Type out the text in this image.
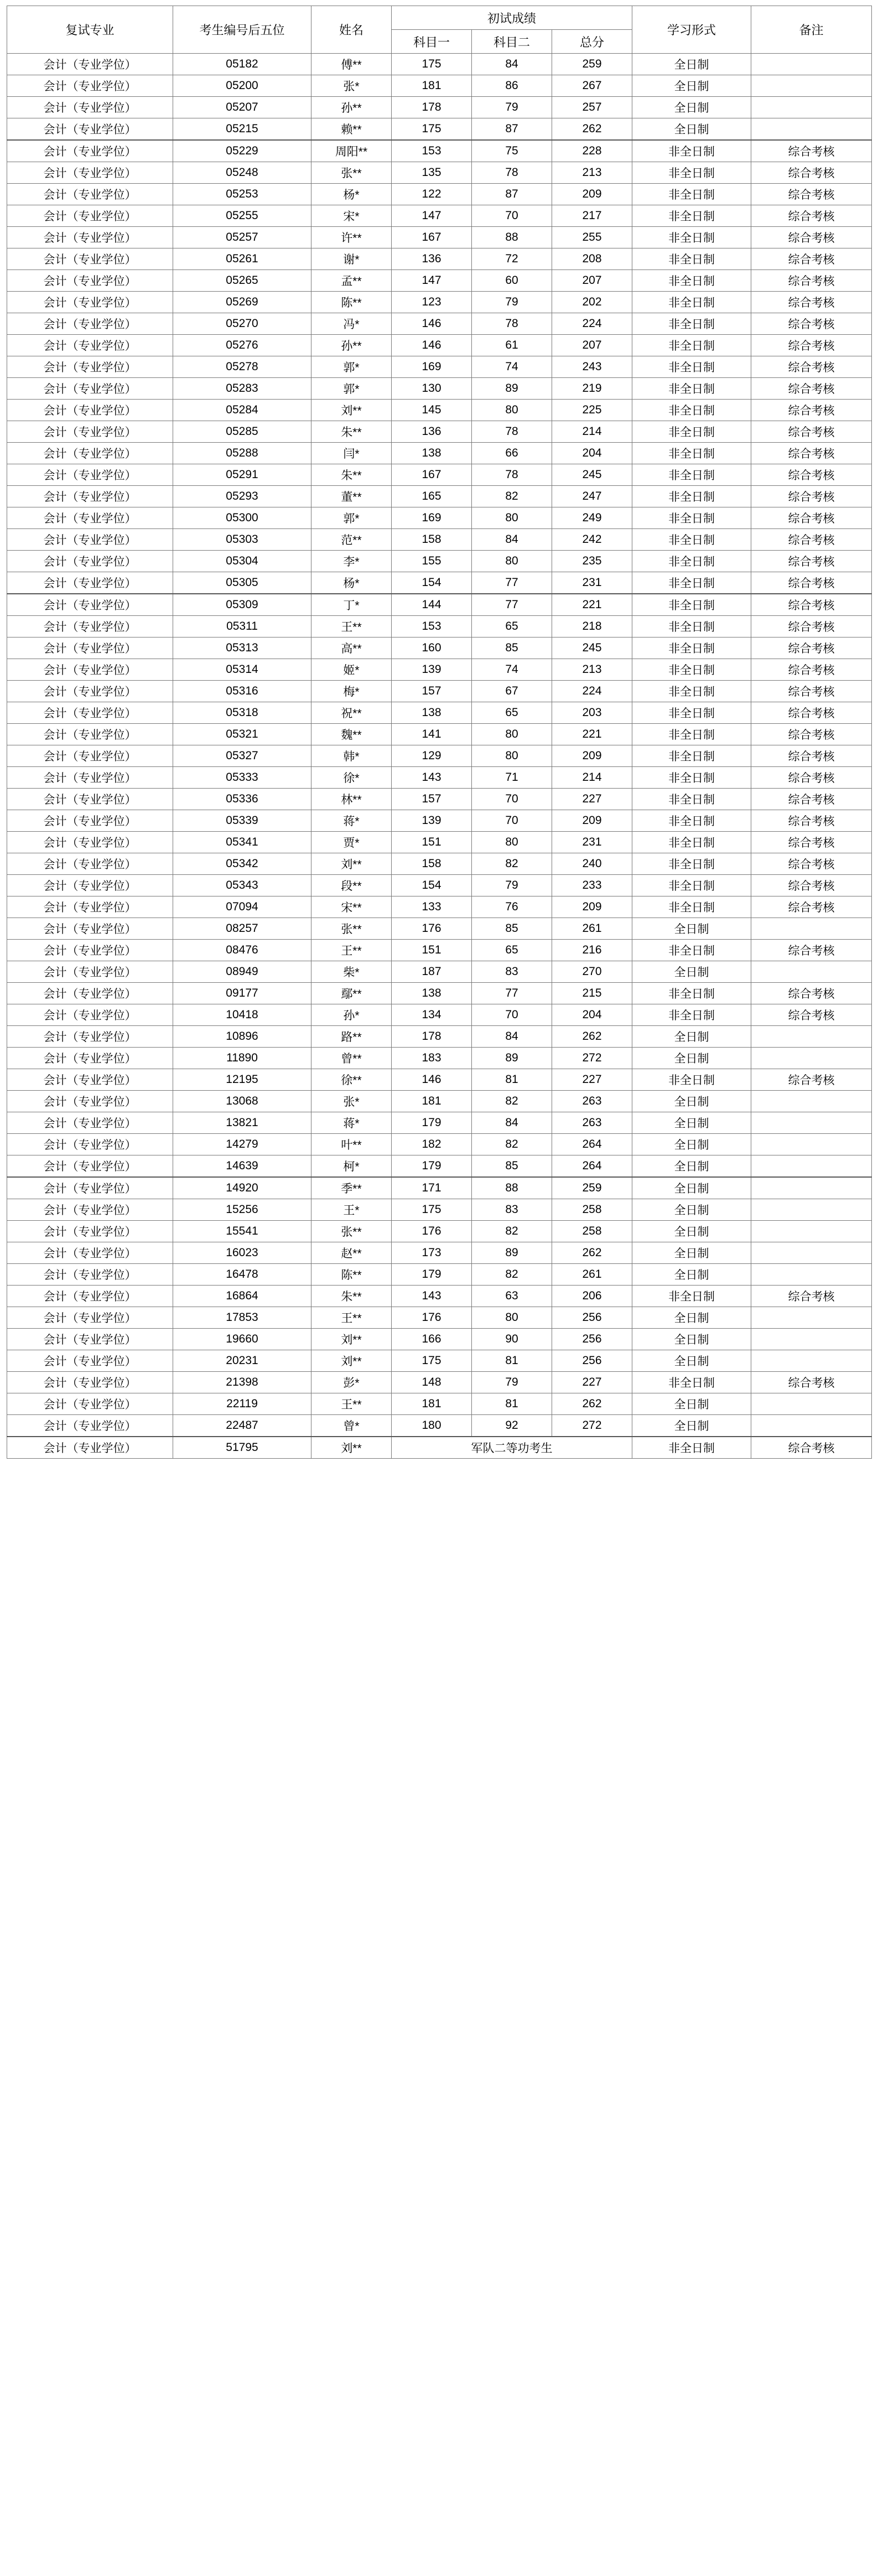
复试专业	考生编号后五位	姓名	初试成绩			学习形式	备注
			科目一	科目二	总分		
会计（专业学位）	05182	傅**	175	84	259	全日制	
会计（专业学位）	05200	张*	181	86	267	全日制	
会计（专业学位）	05207	孙**	178	79	257	全日制	
会计（专业学位）	05215	赖**	175	87	262	全日制	
会计（专业学位）	05229	周阳**	153	75	228	非全日制	综合考核
会计（专业学位）	05248	张**	135	78	213	非全日制	综合考核
会计（专业学位）	05253	杨*	122	87	209	非全日制	综合考核
会计（专业学位）	05255	宋*	147	70	217	非全日制	综合考核
会计（专业学位）	05257	许**	167	88	255	非全日制	综合考核
会计（专业学位）	05261	谢*	136	72	208	非全日制	综合考核
会计（专业学位）	05265	孟**	147	60	207	非全日制	综合考核
会计（专业学位）	05269	陈**	123	79	202	非全日制	综合考核
会计（专业学位）	05270	冯*	146	78	224	非全日制	综合考核
会计（专业学位）	05276	孙**	146	61	207	非全日制	综合考核
会计（专业学位）	05278	郭*	169	74	243	非全日制	综合考核
会计（专业学位）	05283	郭*	130	89	219	非全日制	综合考核
会计（专业学位）	05284	刘**	145	80	225	非全日制	综合考核
会计（专业学位）	05285	朱**	136	78	214	非全日制	综合考核
会计（专业学位）	05288	闫*	138	66	204	非全日制	综合考核
会计（专业学位）	05291	朱**	167	78	245	非全日制	综合考核
会计（专业学位）	05293	董**	165	82	247	非全日制	综合考核
会计（专业学位）	05300	郭*	169	80	249	非全日制	综合考核
会计（专业学位）	05303	范**	158	84	242	非全日制	综合考核
会计（专业学位）	05304	李*	155	80	235	非全日制	综合考核
会计（专业学位）	05305	杨*	154	77	231	非全日制	综合考核
会计（专业学位）	05309	丁*	144	77	221	非全日制	综合考核
会计（专业学位）	05311	王**	153	65	218	非全日制	综合考核
会计（专业学位）	05313	高**	160	85	245	非全日制	综合考核
会计（专业学位）	05314	姬*	139	74	213	非全日制	综合考核
会计（专业学位）	05316	梅*	157	67	224	非全日制	综合考核
会计（专业学位）	05318	祝**	138	65	203	非全日制	综合考核
会计（专业学位）	05321	魏**	141	80	221	非全日制	综合考核
会计（专业学位）	05327	韩*	129	80	209	非全日制	综合考核
会计（专业学位）	05333	徐*	143	71	214	非全日制	综合考核
会计（专业学位）	05336	林**	157	70	227	非全日制	综合考核
会计（专业学位）	05339	蒋*	139	70	209	非全日制	综合考核
会计（专业学位）	05341	贾*	151	80	231	非全日制	综合考核
会计（专业学位）	05342	刘**	158	82	240	非全日制	综合考核
会计（专业学位）	05343	段**	154	79	233	非全日制	综合考核
会计（专业学位）	07094	宋**	133	76	209	非全日制	综合考核
会计（专业学位）	08257	张**	176	85	261	全日制	
会计（专业学位）	08476	王**	151	65	216	非全日制	综合考核
会计（专业学位）	08949	柴*	187	83	270	全日制	
会计（专业学位）	09177	鄢**	138	77	215	非全日制	综合考核
会计（专业学位）	10418	孙*	134	70	204	非全日制	综合考核
会计（专业学位）	10896	路**	178	84	262	全日制	
会计（专业学位）	11890	曾**	183	89	272	全日制	
会计（专业学位）	12195	徐**	146	81	227	非全日制	综合考核
会计（专业学位）	13068	张*	181	82	263	全日制	
会计（专业学位）	13821	蒋*	179	84	263	全日制	
会计（专业学位）	14279	叶**	182	82	264	全日制	
会计（专业学位）	14639	柯*	179	85	264	全日制	
会计（专业学位）	14920	季**	171	88	259	全日制	
会计（专业学位）	15256	王*	175	83	258	全日制	
会计（专业学位）	15541	张**	176	82	258	全日制	
会计（专业学位）	16023	赵**	173	89	262	全日制	
会计（专业学位）	16478	陈**	179	82	261	全日制	
会计（专业学位）	16864	朱**	143	63	206	非全日制	综合考核
会计（专业学位）	17853	王**	176	80	256	全日制	
会计（专业学位）	19660	刘**	166	90	256	全日制	
会计（专业学位）	20231	刘**	175	81	256	全日制	
会计（专业学位）	21398	彭*	148	79	227	非全日制	综合考核
会计（专业学位）	22119	王**	181	81	262	全日制	
会计（专业学位）	22487	曾*	180	92	272	全日制	
会计（专业学位）	51795	刘**	军队二等功考生			非全日制	综合考核
